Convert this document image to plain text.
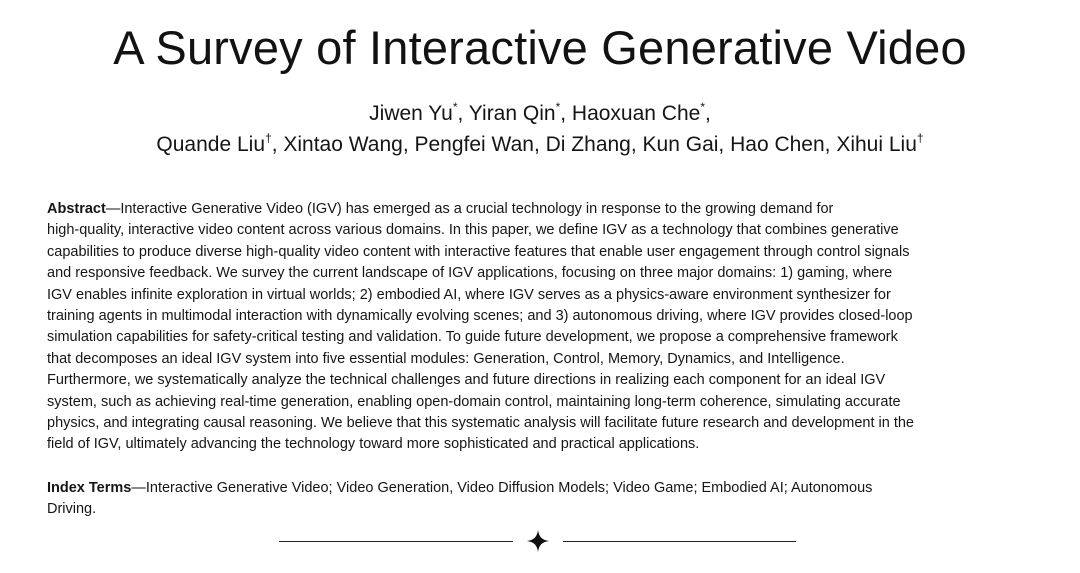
A Survey of Interactive Generative Video
Jiwen Yu*, Yiran Qin*, Haoxuan Che*,
Quande Liu†, Xintao Wang, Pengfei Wan, Di Zhang, Kun Gai, Hao Chen, Xihui Liu†
Abstract—Interactive Generative Video (IGV) has emerged as a crucial technology in response to the growing demand for
high-quality, interactive video content across various domains. In this paper, we define IGV as a technology that combines generative
capabilities to produce diverse high-quality video content with interactive features that enable user engagement through control signals
and responsive feedback. We survey the current landscape of IGV applications, focusing on three major domains: 1) gaming, where
IGV enables infinite exploration in virtual worlds; 2) embodied AI, where IGV serves as a physics-aware environment synthesizer for
training agents in multimodal interaction with dynamically evolving scenes; and 3) autonomous driving, where IGV provides closed-loop
simulation capabilities for safety-critical testing and validation. To guide future development, we propose a comprehensive framework
that decomposes an ideal IGV system into five essential modules: Generation, Control, Memory, Dynamics, and Intelligence.
Furthermore, we systematically analyze the technical challenges and future directions in realizing each component for an ideal IGV
system, such as achieving real-time generation, enabling open-domain control, maintaining long-term coherence, simulating accurate
physics, and integrating causal reasoning. We believe that this systematic analysis will facilitate future research and development in the
field of IGV, ultimately advancing the technology toward more sophisticated and practical applications.
Index Terms—Interactive Generative Video; Video Generation, Video Diffusion Models; Video Game; Embodied AI; Autonomous
Driving.
